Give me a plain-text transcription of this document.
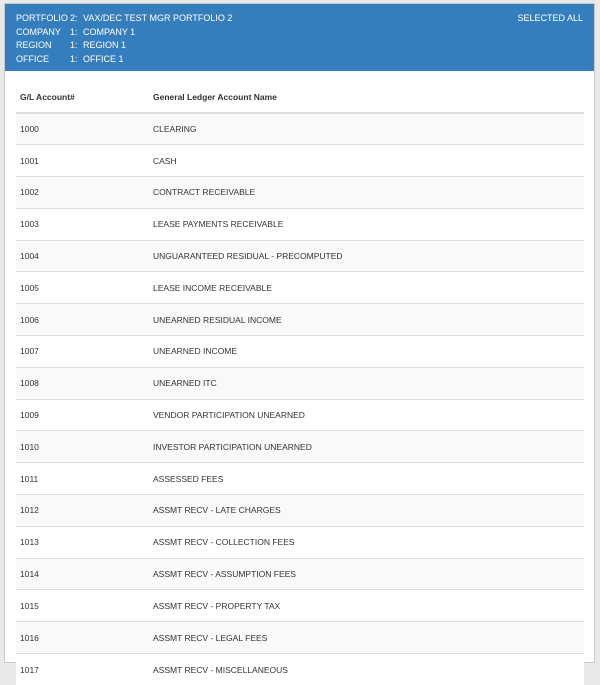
PORTFOLIO 2: VAX/DEC TEST MGR PORTFOLIO 2
COMPANY	1: COMPANY 1
REGION	1: REGION 1
OFFICE	1: OFFICE 1
SELECTED ALL
G/L Account#	General Ledger Account Name
1000	CLEARING
1001	CASH
1002	CONTRACT RECEIVABLE
1003	LEASE PAYMENTS RECEIVABLE
1004	UNGUARANTEED RESIDUAL - PRECOMPUTED
1005	LEASE INCOME RECEIVABLE
1006	UNEARNED RESIDUAL INCOME
1007	UNEARNED INCOME
1008	UNEARNED ITC
1009	VENDOR PARTICIPATION UNEARNED
1010	INVESTOR PARTICIPATION UNEARNED
1011	ASSESSED FEES
1012	ASSMT RECV - LATE CHARGES
1013	ASSMT RECV - COLLECTION FEES
1014	ASSMT RECV - ASSUMPTION FEES
1015	ASSMT RECV - PROPERTY TAX
1016	ASSMT RECV - LEGAL FEES
1017	ASSMT RECV - MISCELLANEOUS
